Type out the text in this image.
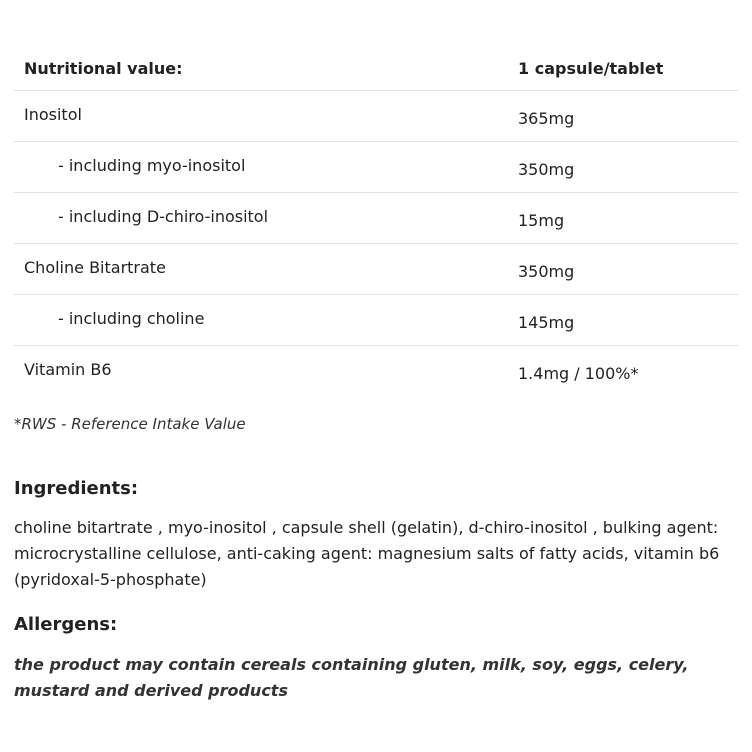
Nutritional value:	1 capsule/tablet
Inositol	365mg
- including myo-inositol	350mg
- including D-chiro-inositol	15mg
Choline Bitartrate	350mg
- including choline	145mg
Vitamin B6	1.4mg / 100%*
*RWS - Reference Intake Value
Ingredients:
choline bitartrate , myo-inositol , capsule shell (gelatin), d-chiro-inositol , bulking agent: microcrystalline cellulose, anti-caking agent: magnesium salts of fatty acids, vitamin b6 (pyridoxal-5-phosphate)
Allergens:
the product may contain cereals containing gluten, milk, soy, eggs, celery, mustard and derived products
